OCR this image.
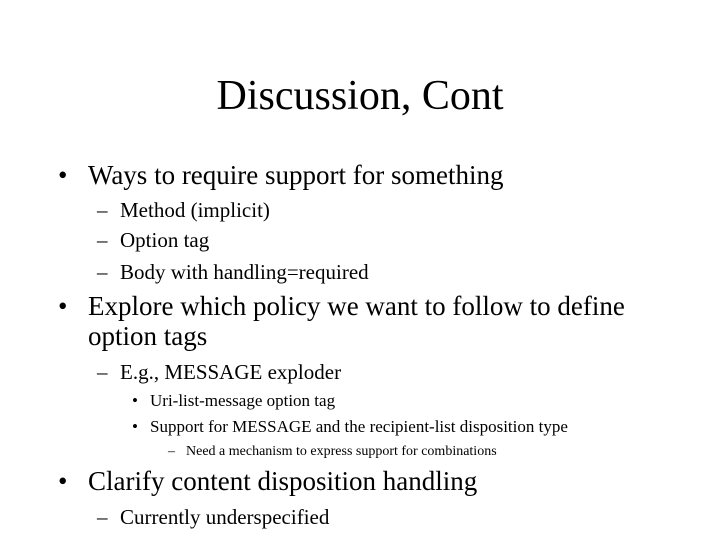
Discussion, Cont
• Ways to require support for something
– Method (implicit)
– Option tag
– Body with handling=required
• Explore which policy we want to follow to define
option tags
– E.g., MESSAGE exploder
• Uri-list-message option tag
• Support for MESSAGE and the recipient-list disposition type
– Need a mechanism to express support for combinations
• Clarify content disposition handling
– Currently underspecified
